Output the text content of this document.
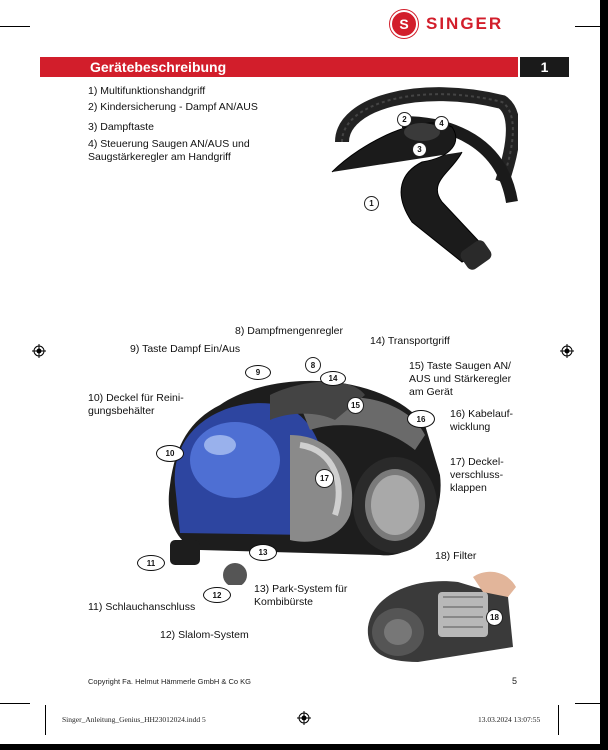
S SINGER
Gerätebeschreibung	1
1) Multifunktionshandgriff
2) Kindersicherung - Dampf AN/AUS
3) Dampftaste
4) Steuerung Saugen AN/AUS und
Saugstärkeregler am Handgriff
2	4
3
1
8) Dampfmengenregler
9) Taste Dampf Ein/Aus
14) Transportgriff
15) Taste Saugen AN/
AUS und Stärkeregler
am Gerät
10) Deckel für Reini-
gungsbehälter	16) Kabelauf-
wicklung
17) Deckel-
verschluss-
klappen
18) Filter
13) Park-System für
Kombibürste
11) Schlauchanschluss
12) Slalom-System
9
8
14
15
16
10
17
13
11
12
18
Copyright Fa. Helmut Hämmerle GmbH & Co KG	5
Singer_Anleitung_Genius_HH23012024.indd 5	13.03.2024 13:07:55
